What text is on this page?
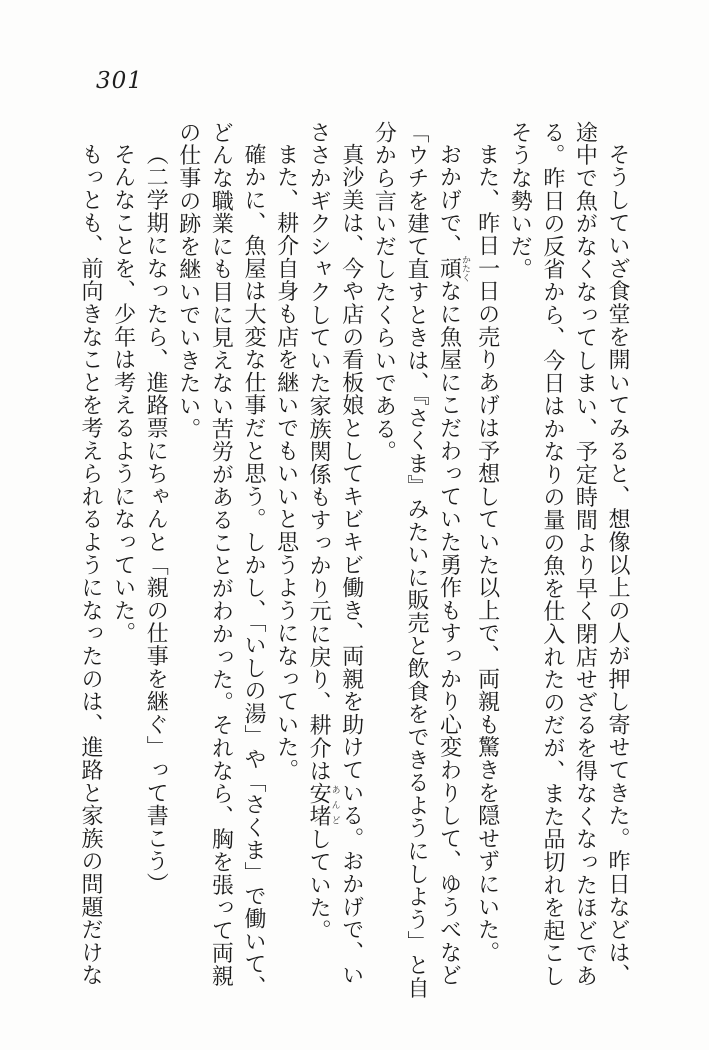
301

そうしていざ食堂を開いてみると、想像以上の人が押し寄せてきた。昨日などは、途中で魚がなくなってしまい、予定時間より早く閉店せざるを得なくなったほどである。昨日の反省から、今日はかなりの量の魚を仕入れたのだが、また品切れを起こしそうな勢いだ。

また、昨日一日の売りあげは予想していた以上で、両親も驚きを隠せずにいた。

おかげで、頑かたくなに魚屋にこだわっていた勇作もすっかり心変わりして、ゆうべなど「ウチを建て直すときは、『さくま』みたいに販売と飲食をできるようにしよう」と自分から言いだしたくらいである。

真沙美は、今や店の看板娘としてキビキビ働き、両親を助けている。おかげで、いささかギクシャクしていた家族関係もすっかり元に戻り、耕介は安堵あんどしていた。

また、耕介自身も店を継いでもいいと思うようになっていた。

確かに、魚屋は大変な仕事だと思う。しかし、「いしの湯」や「さくま」で働いて、どんな職業にも目に見えない苦労があることがわかった。それなら、胸を張って両親の仕事の跡を継いでいきたい。

（二学期になったら、進路票にちゃんと「親の仕事を継ぐ」って書こう）

そんなことを、少年は考えるようになっていた。

もっとも、前向きなことを考えられるようになったのは、進路と家族の問題だけな
